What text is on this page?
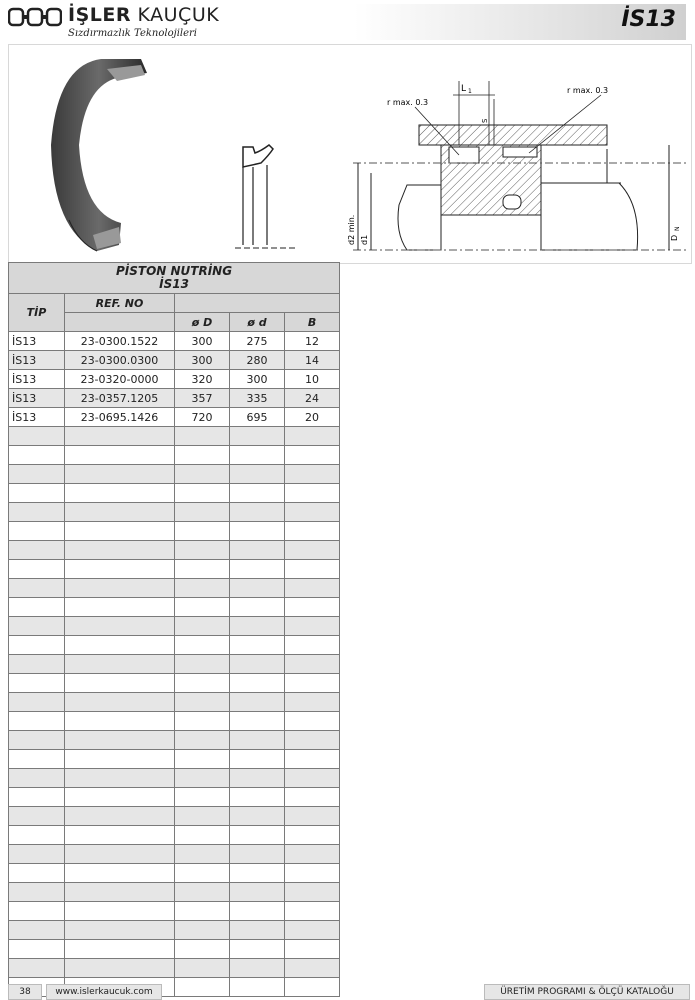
İŞLER KAUÇUK
Sızdırmazlık Teknolojileri
İS13
L 1
r max. 0.3
r max. 0.3
S
d2 min. d1	D
N
PİSTON NUTRİNG
İS13				
TİP	REF. NO			
		ø D	ø d	B
İS13	23-0300.1522	300	275	12
İS13	23-0300.0300	300	280	14
İS13	23-0320-0000	320	300	10
İS13	23-0357.1205	357	335	24
İS13	23-0695.1426	720	695	20

38	www.islerkaucuk.com	ÜRETİM PROGRAMI & ÖLÇÜ KATALOĞU
